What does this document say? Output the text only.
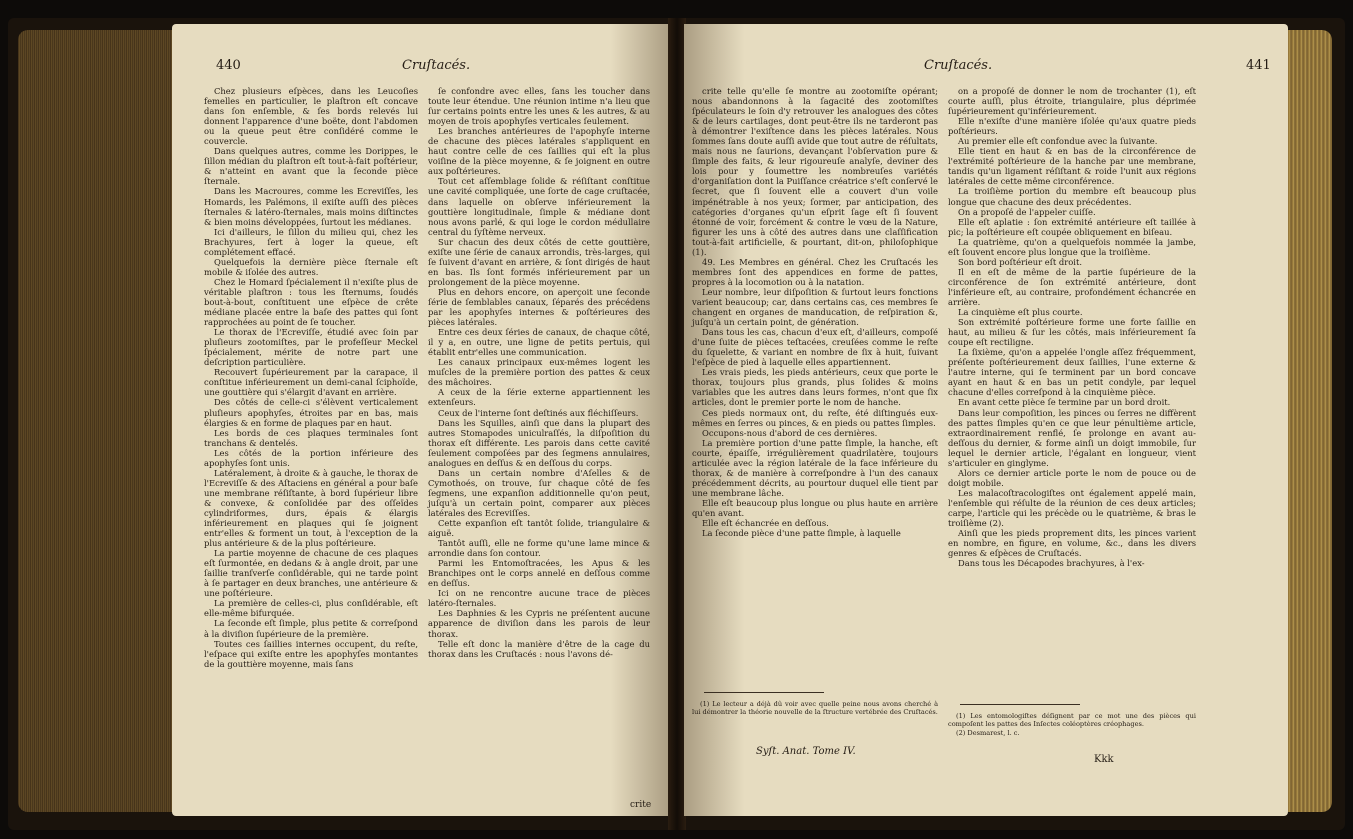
440	Cruſtacés.

Chez plusieurs eſpèces, dans les Leucoſies femelles en particulier, le plaſtron eſt concave dans ſon enſemble, & ſes bords relevés lui donnent l'apparence d'une boëte, dont l'abdomen ou la queue peut être conſidéré comme le couvercle.

Dans quelques autres, comme les Dorippes, le ſillon médian du plaſtron eſt tout-à-fait poſtérieur, & n'atteint en avant que la ſeconde pièce ſternale.

Dans les Macroures, comme les Ecreviſſes, les Homards, les Palémons, il exiſte auſſi des pièces ſternales & latéro-ſternales, mais moins diſtinctes & bien moins développées, ſurtout les médianes.

Ici d'ailleurs, le ſillon du milieu qui, chez les Brachyures, ſert à loger la queue, eſt complétement effacé.

Quelquefois la dernière pièce ſternale eſt mobile & iſolée des autres.

Chez le Homard ſpécialement il n'exiſte plus de véritable plaſtron : tous les ſternums, ſoudés bout-à-bout, conſtituent une eſpèce de crête médiane placée entre la baſe des pattes qui ſont rapprochées au point de ſe toucher.

Le thorax de l'Ecreviſſe, étudié avec ſoin par pluſieurs zootomiſtes, par le profeſſeur Meckel ſpécialement, mérite de notre part une deſcription particulière.

Recouvert ſupérieurement par la carapace, il conſtitue inférieurement un demi-canal ſciphoïde, une gouttière qui s'élargit d'avant en arrière.

Des côtés de celle-ci s'élèvent verticalement pluſieurs apophyſes, étroites par en bas, mais élargies & en forme de plaques par en haut.

Les bords de ces plaques terminales ſont tranchans & dentelés.

Les côtés de la portion inférieure des apophyſes ſont unis.

Latéralement, à droite & à gauche, le thorax de l'Ecreviſſe & des Aſtaciens en général a pour baſe une membrane réſiſtante, à bord ſupérieur libre & convexe, & conſolidée par des oſſeïdes cylindriformes, durs, épais & élargis inférieurement en plaques qui ſe joignent entr'elles & forment un tout, à l'exception de la plus antérieure & de la plus poſtérieure.

La partie moyenne de chacune de ces plaques eſt ſurmontée, en dedans & à angle droit, par une ſaillie tranſverſe conſidérable, qui ne tarde point à ſe partager en deux branches, une antérieure & une poſtérieure.

La première de celles-ci, plus conſidérable, eſt elle-même bifurquée.

La ſeconde eſt ſimple, plus petite & correſpond à la diviſion ſupérieure de la première.

Toutes ces ſaillies internes occupent, du reſte, l'eſpace qui exiſte entre les apophyſes montantes de la gouttière moyenne, mais ſans

ſe confondre avec elles, ſans les toucher dans toute leur étendue. Une réunion intime n'a lieu que ſur certains points entre les unes & les autres, & au moyen de trois apophyſes verticales ſeulement.

Les branches antérieures de l'apophyſe interne de chacune des pièces latérales s'appliquent en haut contre celle de ces ſaillies qui eſt la plus voiſine de la pièce moyenne, & ſe joignent en outre aux poſtérieures.

Tout cet aſſemblage ſolide & réſiſtant conſtitue une cavité compliquée, une ſorte de cage cruſtacée, dans laquelle on obſerve inférieurement la gouttière longitudinale, ſimple & médiane dont nous avons parlé, & qui loge le cordon médullaire central du ſyſtème nerveux.

Sur chacun des deux côtés de cette gouttière, exiſte une ſérie de canaux arrondis, très-larges, qui ſe ſuivent d'avant en arrière, & ſont dirigés de haut en bas. Ils ſont formés inférieurement par un prolongement de la pièce moyenne.

Plus en dehors encore, on aperçoit une ſeconde ſérie de ſemblables canaux, ſéparés des précédens par les apophyſes internes & poſtérieures des pièces latérales.

Entre ces deux ſéries de canaux, de chaque côté, il y a, en outre, une ligne de petits pertuis, qui établit entr'elles une communication.

Les canaux principaux eux-mêmes logent les muſcles de la première portion des pattes & ceux des mâchoires.

A ceux de la ſérie externe appartiennent les extenſeurs.

Ceux de l'interne ſont deſtinés aux fléchiſſeurs.

Dans les Squilles, ainſi que dans la plupart des autres Stomapodes uniculraſſés, la diſpoſition du thorax eſt différente. Les parois dans cette cavité ſeulement compoſées par des ſegmens annulaires, analogues en deſſus & en deſſous du corps.

Dans un certain nombre d'Aſelles & de Cymothoés, on trouve, ſur chaque côté de ſes ſegmens, une expanſion additionnelle qu'on peut, juſqu'à un certain point, comparer aux pièces latérales des Ecreviſſes.

Cette expanſion eſt tantôt ſolide, triangulaire & aiguë.

Tantôt auſſi, elle ne forme qu'une lame mince & arrondie dans ſon contour.

Parmi les Entomoſtracées, les Apus & les Branchipes ont le corps annelé en deſſous comme en deſſus.

Ici on ne rencontre aucune trace de pièces latéro-ſternales.

Les Daphnies & les Cypris ne préſentent aucune apparence de diviſion dans les parois de leur thorax.

Telle eſt donc la manière d'être de la cage du thorax dans les Cruſtacés : nous l'avons dé-

crite
Cruſtacés.	441

crite telle qu'elle ſe montre au zootomiſte opérant; nous abandonnons à la ſagacité des zootomiſtes ſpéculateurs le ſoin d'y retrouver les analogues des côtes & de leurs cartilages, dont peut-être ils ne tarderont pas à démontrer l'exiſtence dans les pièces latérales. Nous ſommes ſans doute auſſi avide que tout autre de réſultats, mais nous ne ſaurions, devançant l'obſervation pure & ſimple des faits, & leur rigoureuſe analyſe, deviner des lois pour y ſoumettre les nombreuſes variétés d'organiſation dont la Puiſſance créatrice s'eſt conſervé le ſecret, que ſi ſouvent elle a couvert d'un voile impénétrable à nos yeux; ſormer, par anticipation, des catégories d'organes qu'un eſprit ſage eſt ſi ſouvent étonné de voir, forcément & contre le vœu de la Nature, figurer les uns à côté des autres dans une claſſification tout-à-fait artificielle, & pourtant, dit-on, philoſophique (1).

49. Les Membres en général. Chez les Cruſtacés les membres ſont des appendices en forme de pattes, propres à la locomotion ou à la natation.

Leur nombre, leur diſpoſition & ſurtout leurs fonctions varient beaucoup; car, dans certains cas, ces membres ſe changent en organes de manducation, de reſpiration &, juſqu'à un certain point, de génération.

Dans tous les cas, chacun d'eux eſt, d'ailleurs, compoſé d'une ſuite de pièces teſtacées, creuſées comme le reſte du ſquelette, & variant en nombre de ſix à huit, ſuivant l'eſpèce de pied à laquelle elles appartiennent.

Les vrais pieds, les pieds antérieurs, ceux que porte le thorax, toujours plus grands, plus ſolides & moins variables que les autres dans leurs formes, n'ont que ſix articles, dont le premier porte le nom de hanche.

Ces pieds normaux ont, du reſte, été diſtingués eux-mêmes en ſerres ou pinces, & en pieds ou pattes ſimples.

Occupons-nous d'abord de ces dernières.

La première portion d'une patte ſimple, la hanche, eſt courte, épaiſſe, irrégulièrement quadrilatère, toujours articulée avec la région latérale de la face inférieure du thorax, & de manière à correſpondre à l'un des canaux précédemment décrits, au pourtour duquel elle tient par une membrane lâche.

Elle eſt beaucoup plus longue ou plus haute en arrière qu'en avant.

Elle eſt échancrée en deſſous.

La ſeconde pièce d'une patte ſimple, à laquelle

on a propoſé de donner le nom de trochanter (1), eſt courte auſſi, plus étroite, triangulaire, plus déprimée ſupérieurement qu'inférieurement.

Elle n'exiſte d'une manière iſolée qu'aux quatre pieds poſtérieurs.

Au premier elle eſt confondue avec la ſuivante.

Elle tient en haut & en bas de la circonférence de l'extrémité poſtérieure de la hanche par une membrane, tandis qu'un ligament réſiſtant & roide l'unit aux régions latérales de cette même circonférence.

La troiſième portion du membre eſt beaucoup plus longue que chacune des deux précédentes.

On a propoſé de l'appeler cuiſſe.

Elle eſt aplatie : ſon extrémité antérieure eſt taillée à pic; la poſtérieure eſt coupée obliquement en biſeau.

La quatrième, qu'on a quelquefois nommée la jambe, eſt ſouvent encore plus longue que la troiſième.

Son bord poſtérieur eſt droit.

Il en eſt de même de la partie ſupérieure de la circonférence de ſon extrémité antérieure, dont l'inférieure eſt, au contraire, profondément échancrée en arrière.

La cinquième eſt plus courte.

Son extrémité poſtérieure forme une forte ſaillie en haut, au milieu & ſur les côtés, mais inférieurement ſa coupe eſt rectiligne.

La ſixième, qu'on a appelée l'ongle aſſez fréquemment, préſente poſtérieurement deux ſaillies, l'une externe & l'autre interne, qui ſe terminent par un bord concave ayant en haut & en bas un petit condyle, par lequel chacune d'elles correſpond à la cinquième pièce.

En avant cette pièce ſe termine par un bord droit.

Dans leur compoſition, les pinces ou ſerres ne diffèrent des pattes ſimples qu'en ce que leur pénultième article, extraordinairement renflé, ſe prolonge en avant au-deſſous du dernier, & forme ainſi un doigt immobile, ſur lequel le dernier article, l'égalant en longueur, vient s'articuler en ginglyme.

Alors ce dernier article porte le nom de pouce ou de doigt mobile.

Les malacoſtracologiſtes ont également appelé main, l'enſemble qui réſulte de la réunion de ces deux articles; carpe, l'article qui les précède ou le quatrième, & bras le troiſième (2).

Ainſi que les pieds proprement dits, les pinces varient en nombre, en figure, en volume, &c., dans les divers genres & eſpèces de Cruſtacés.

Dans tous les Décapodes brachyures, à l'ex-

(1) Le lecteur a déjà dû voir avec quelle peine nous avons cherché à lui démontrer la théorie nouvelle de la ſtructure vertébrée des Cruſtacés.	(1) Les entomologiſtes déſignent par ce mot une des pièces qui compoſent les pattes des Inſectes coléoptères créophages.

(2) Desmarest, l. c.

Syſt. Anat. Tome IV.
Kkk
